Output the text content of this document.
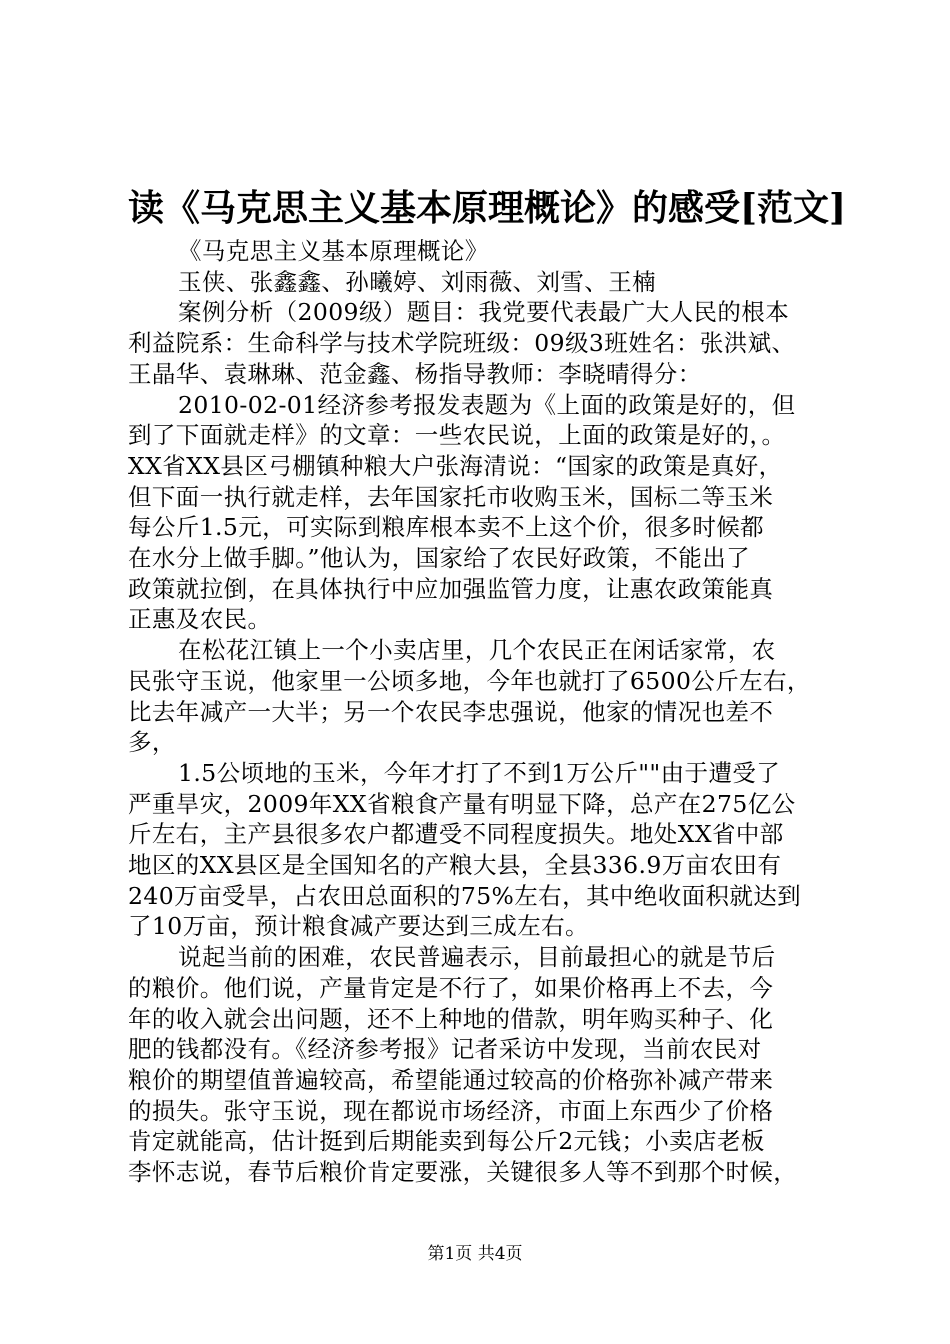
读《马克思主义基本原理概论》的感受[范文]
《马克思主义基本原理概论》
玉侠、张鑫鑫、孙曦婷、刘雨薇、刘雪、王楠
案例分析（2009级）题目：我党要代表最广大人民的根本
利益院系：生命科学与技术学院班级：09级3班姓名：张洪斌、
王晶华、袁琳琳、范金鑫、杨指导教师：李晓晴得分：
2010-02-01经济参考报发表题为《上面的政策是好的，但
到了下面就走样》的文章：一些农民说，上面的政策是好的，。
XX省XX县区弓棚镇种粮大户张海清说：“国家的政策是真好，
但下面一执行就走样，去年国家托市收购玉米，国标二等玉米
每公斤1.5元，可实际到粮库根本卖不上这个价，很多时候都
在水分上做手脚。”他认为，国家给了农民好政策，不能出了
政策就拉倒，在具体执行中应加强监管力度，让惠农政策能真
正惠及农民。
在松花江镇上一个小卖店里，几个农民正在闲话家常，农
民张守玉说，他家里一公顷多地，今年也就打了6500公斤左右，
比去年减产一大半；另一个农民李忠强说，他家的情况也差不
多，
1.5公顷地的玉米，今年才打了不到1万公斤""由于遭受了
严重旱灾，2009年XX省粮食产量有明显下降，总产在275亿公
斤左右，主产县很多农户都遭受不同程度损失。地处XX省中部
地区的XX县区是全国知名的产粮大县，全县336.9万亩农田有
240万亩受旱，占农田总面积的75%左右，其中绝收面积就达到
了10万亩，预计粮食减产要达到三成左右。
说起当前的困难，农民普遍表示，目前最担心的就是节后
的粮价。他们说，产量肯定是不行了，如果价格再上不去，今
年的收入就会出问题，还不上种地的借款，明年购买种子、化
肥的钱都没有。《经济参考报》记者采访中发现，当前农民对
粮价的期望值普遍较高，希望能通过较高的价格弥补减产带来
的损失。张守玉说，现在都说市场经济，市面上东西少了价格
肯定就能高，估计挺到后期能卖到每公斤2元钱；小卖店老板
李怀志说，春节后粮价肯定要涨，关键很多人等不到那个时候，
第1页 共4页
